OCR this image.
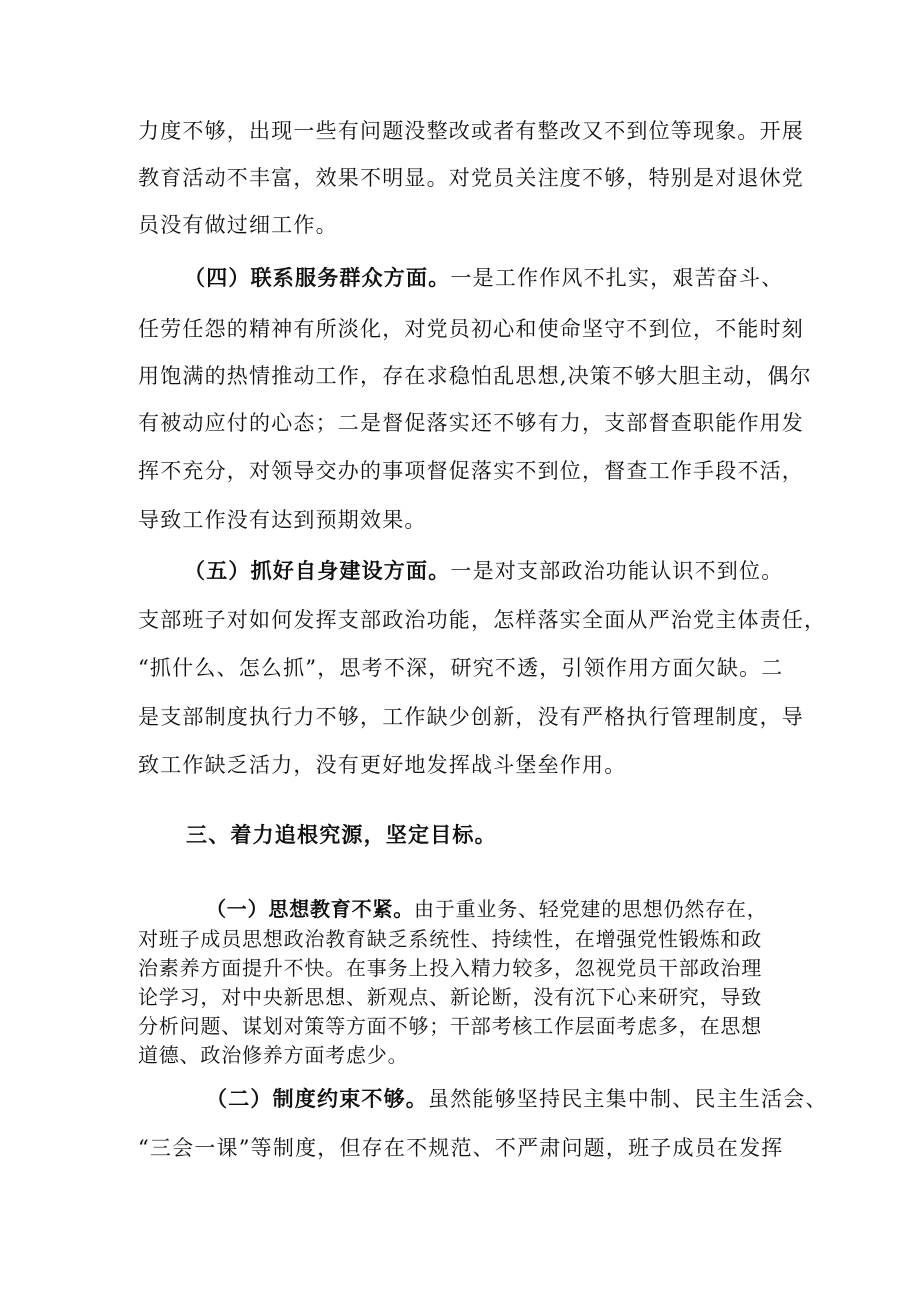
力度不够，出现一些有问题没整改或者有整改又不到位等现象。开展
教育活动不丰富，效果不明显。对党员关注度不够，特别是对退休党
员没有做过细工作。
（四）联系服务群众方面。一是工作作风不扎实，艰苦奋斗、
任劳任怨的精神有所淡化，对党员初心和使命坚守不到位，不能时刻
用饱满的热情推动工作，存在求稳怕乱思想,决策不够大胆主动，偶尔
有被动应付的心态；二是督促落实还不够有力，支部督查职能作用发
挥不充分，对领导交办的事项督促落实不到位，督查工作手段不活，
导致工作没有达到预期效果。
（五）抓好自身建设方面。一是对支部政治功能认识不到位。
支部班子对如何发挥支部政治功能，怎样落实全面从严治党主体责任，
“抓什么、怎么抓”，思考不深，研究不透，引领作用方面欠缺。二
是支部制度执行力不够，工作缺少创新，没有严格执行管理制度，导
致工作缺乏活力，没有更好地发挥战斗堡垒作用。
三、着力追根究源，坚定目标。
（一）思想教育不紧。由于重业务、轻党建的思想仍然存在，
对班子成员思想政治教育缺乏系统性、持续性，在增强党性锻炼和政
治素养方面提升不快。在事务上投入精力较多，忽视党员干部政治理
论学习，对中央新思想、新观点、新论断，没有沉下心来研究，导致
分析问题、谋划对策等方面不够；干部考核工作层面考虑多，在思想
道德、政治修养方面考虑少。
（二）制度约束不够。虽然能够坚持民主集中制、民主生活会、
“三会一课”等制度，但存在不规范、不严肃问题，班子成员在发挥
